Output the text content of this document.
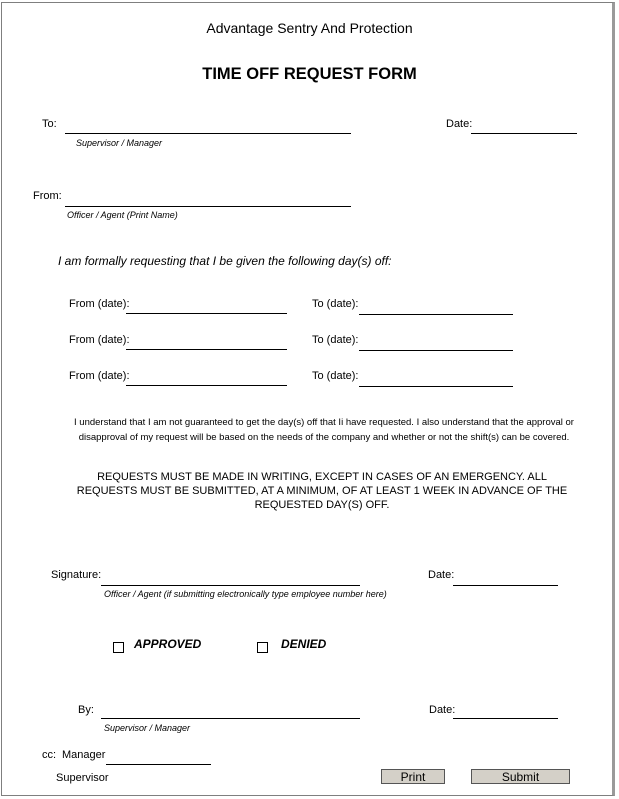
Advantage Sentry And Protection
TIME OFF REQUEST FORM
To:
Supervisor / Manager
Date:
From:
Officer / Agent (Print Name)
I am formally requesting that I be given the following day(s) off:
From (date):	To (date):
From (date):	To (date):
From (date):	To (date):
I understand that I am not guaranteed to get the day(s) off that Ii have requested. I also understand that the approval or disapproval of my request will be based on the needs of the company and whether or not the shift(s) can be covered.
REQUESTS MUST BE MADE IN WRITING, EXCEPT IN CASES OF AN EMERGENCY. ALL REQUESTS MUST BE SUBMITTED, AT A MINIMUM, OF AT LEAST 1 WEEK IN ADVANCE OF THE REQUESTED DAY(S) OFF.
Signature:
Officer / Agent (if submitting electronically type employee number here)
Date:
APPROVED	DENIED
By:
Supervisor / Manager
Date:
cc: Manager
Supervisor	Print	Submit
